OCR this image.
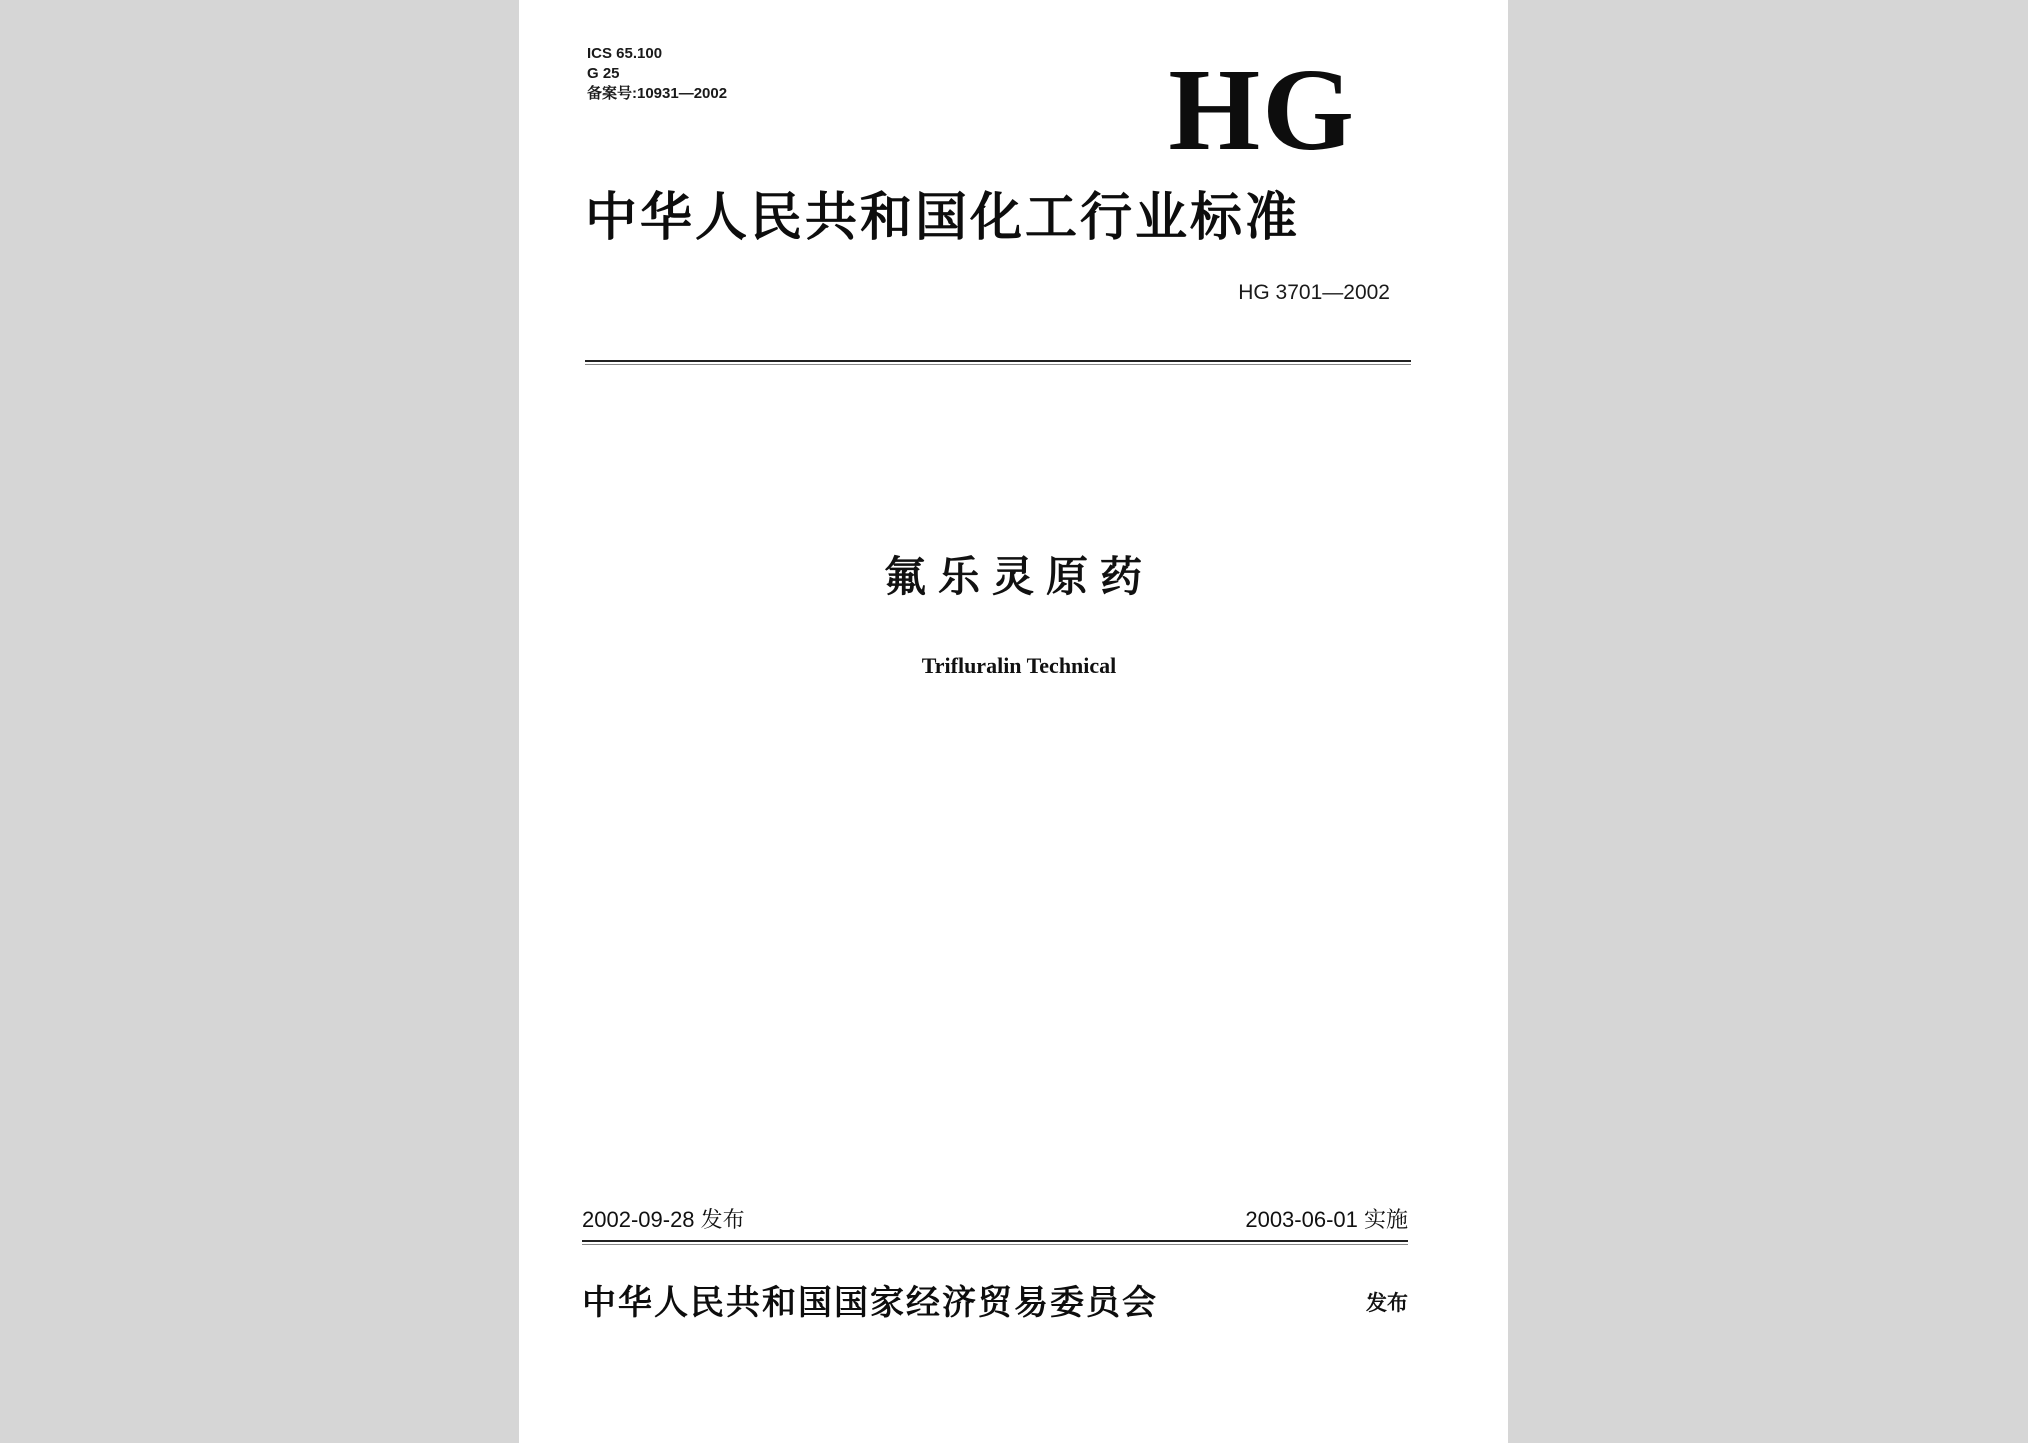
ICS 65.100
G 25
备案号:10931—2002	HG
中华人民共和国化工行业标准
HG 3701—2002
氟乐灵原药
Trifluralin Technical
2002-09-28 发布	2003-06-01 实施
中华人民共和国国家经济贸易委员会	发布
